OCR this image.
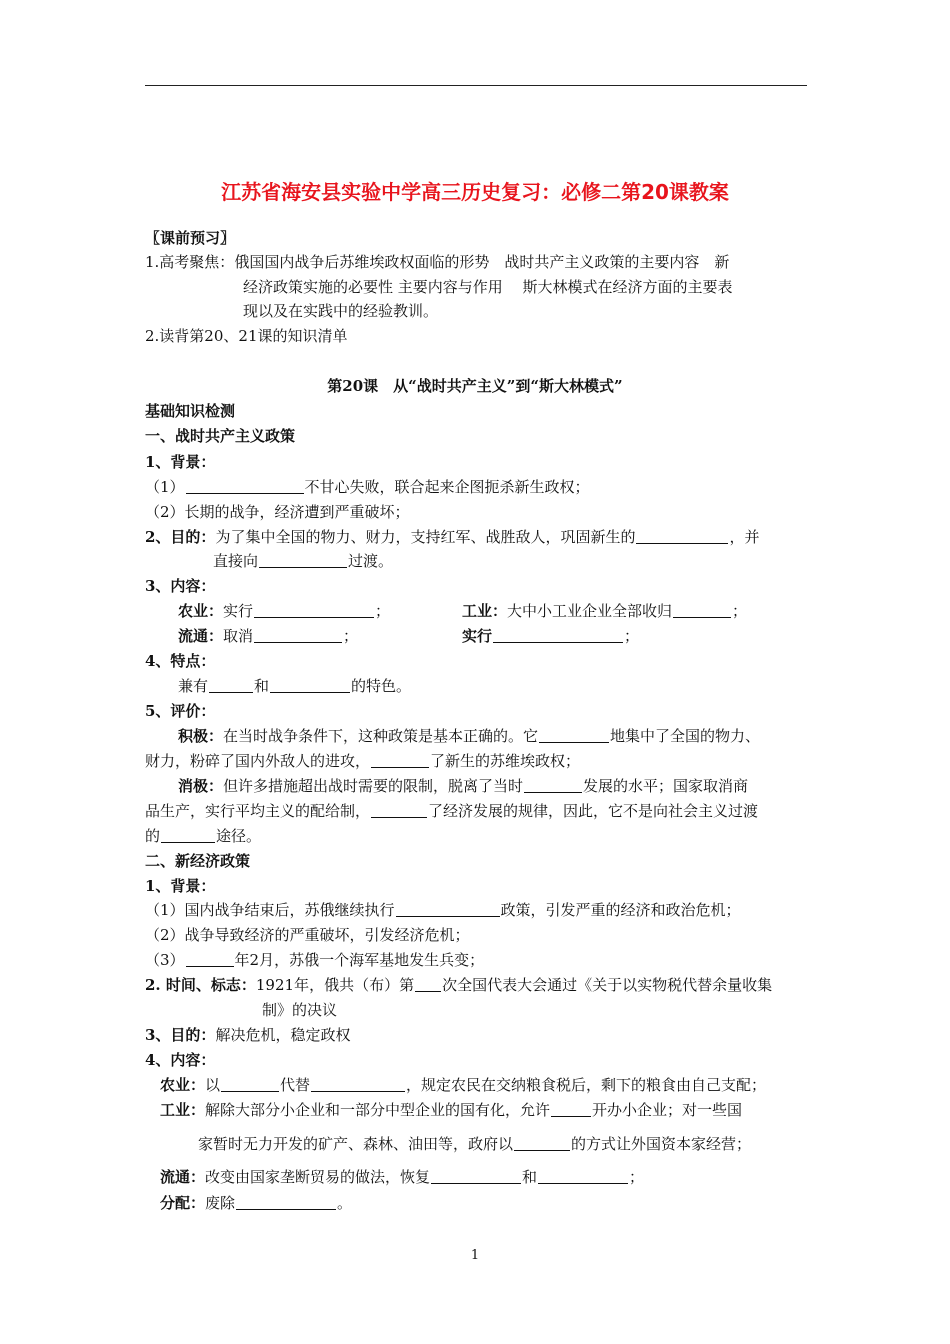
江苏省海安县实验中学高三历史复习：必修二第20课教案
〖课前预习〗
1.高考聚焦：俄国国内战争后苏维埃政权面临的形势　战时共产主义政策的主要内容　新
经济政策实施的必要性 主要内容与作用　 斯大林模式在经济方面的主要表
现以及在实践中的经验教训。
2.读背第20、21课的知识清单
第20课　从“战时共产主义”到“斯大林模式”
基础知识检测
一、战时共产主义政策
1、背景：
（1）	不甘心失败，联合起来企图扼杀新生政权；
（2）长期的战争，经济遭到严重破坏；
2、目的：为了集中全国的物力、财力，支持红军、战胜敌人，巩固新生的	，并
直接向	过渡。
3、内容：
农业：实行	；	工业：大中小工业企业全部收归	；
流通：取消	；	实行	；
4、特点：
兼有	和	的特色。
5、评价：
积极：在当时战争条件下，这种政策是基本正确的。它	地集中了全国的物力、
财力，粉碎了国内外敌人的进攻，	了新生的苏维埃政权；
消极：但许多措施超出战时需要的限制，脱离了当时	发展的水平；国家取消商
品生产，实行平均主义的配给制，	了经济发展的规律，因此，它不是向社会主义过渡
的	途径。
二、新经济政策
1、背景：
（1）国内战争结束后，苏俄继续执行	政策，引发严重的经济和政治危机；
（2）战争导致经济的严重破坏，引发经济危机；
（3）	年2月，苏俄一个海军基地发生兵变；
2. 时间、标志：1921年，俄共（布）第 次全国代表大会通过《关于以实物税代替余量收集
制》的决议
3、目的：解决危机，稳定政权
4、内容：
农业：以	代替	，规定农民在交纳粮食税后，剩下的粮食由自己支配；
工业：解除大部分小企业和一部分中型企业的国有化，允许	开办小企业；对一些国
家暂时无力开发的矿产、森林、油田等，政府以	的方式让外国资本家经营；
流通：改变由国家垄断贸易的做法，恢复	和	；
分配：废除	。
1
